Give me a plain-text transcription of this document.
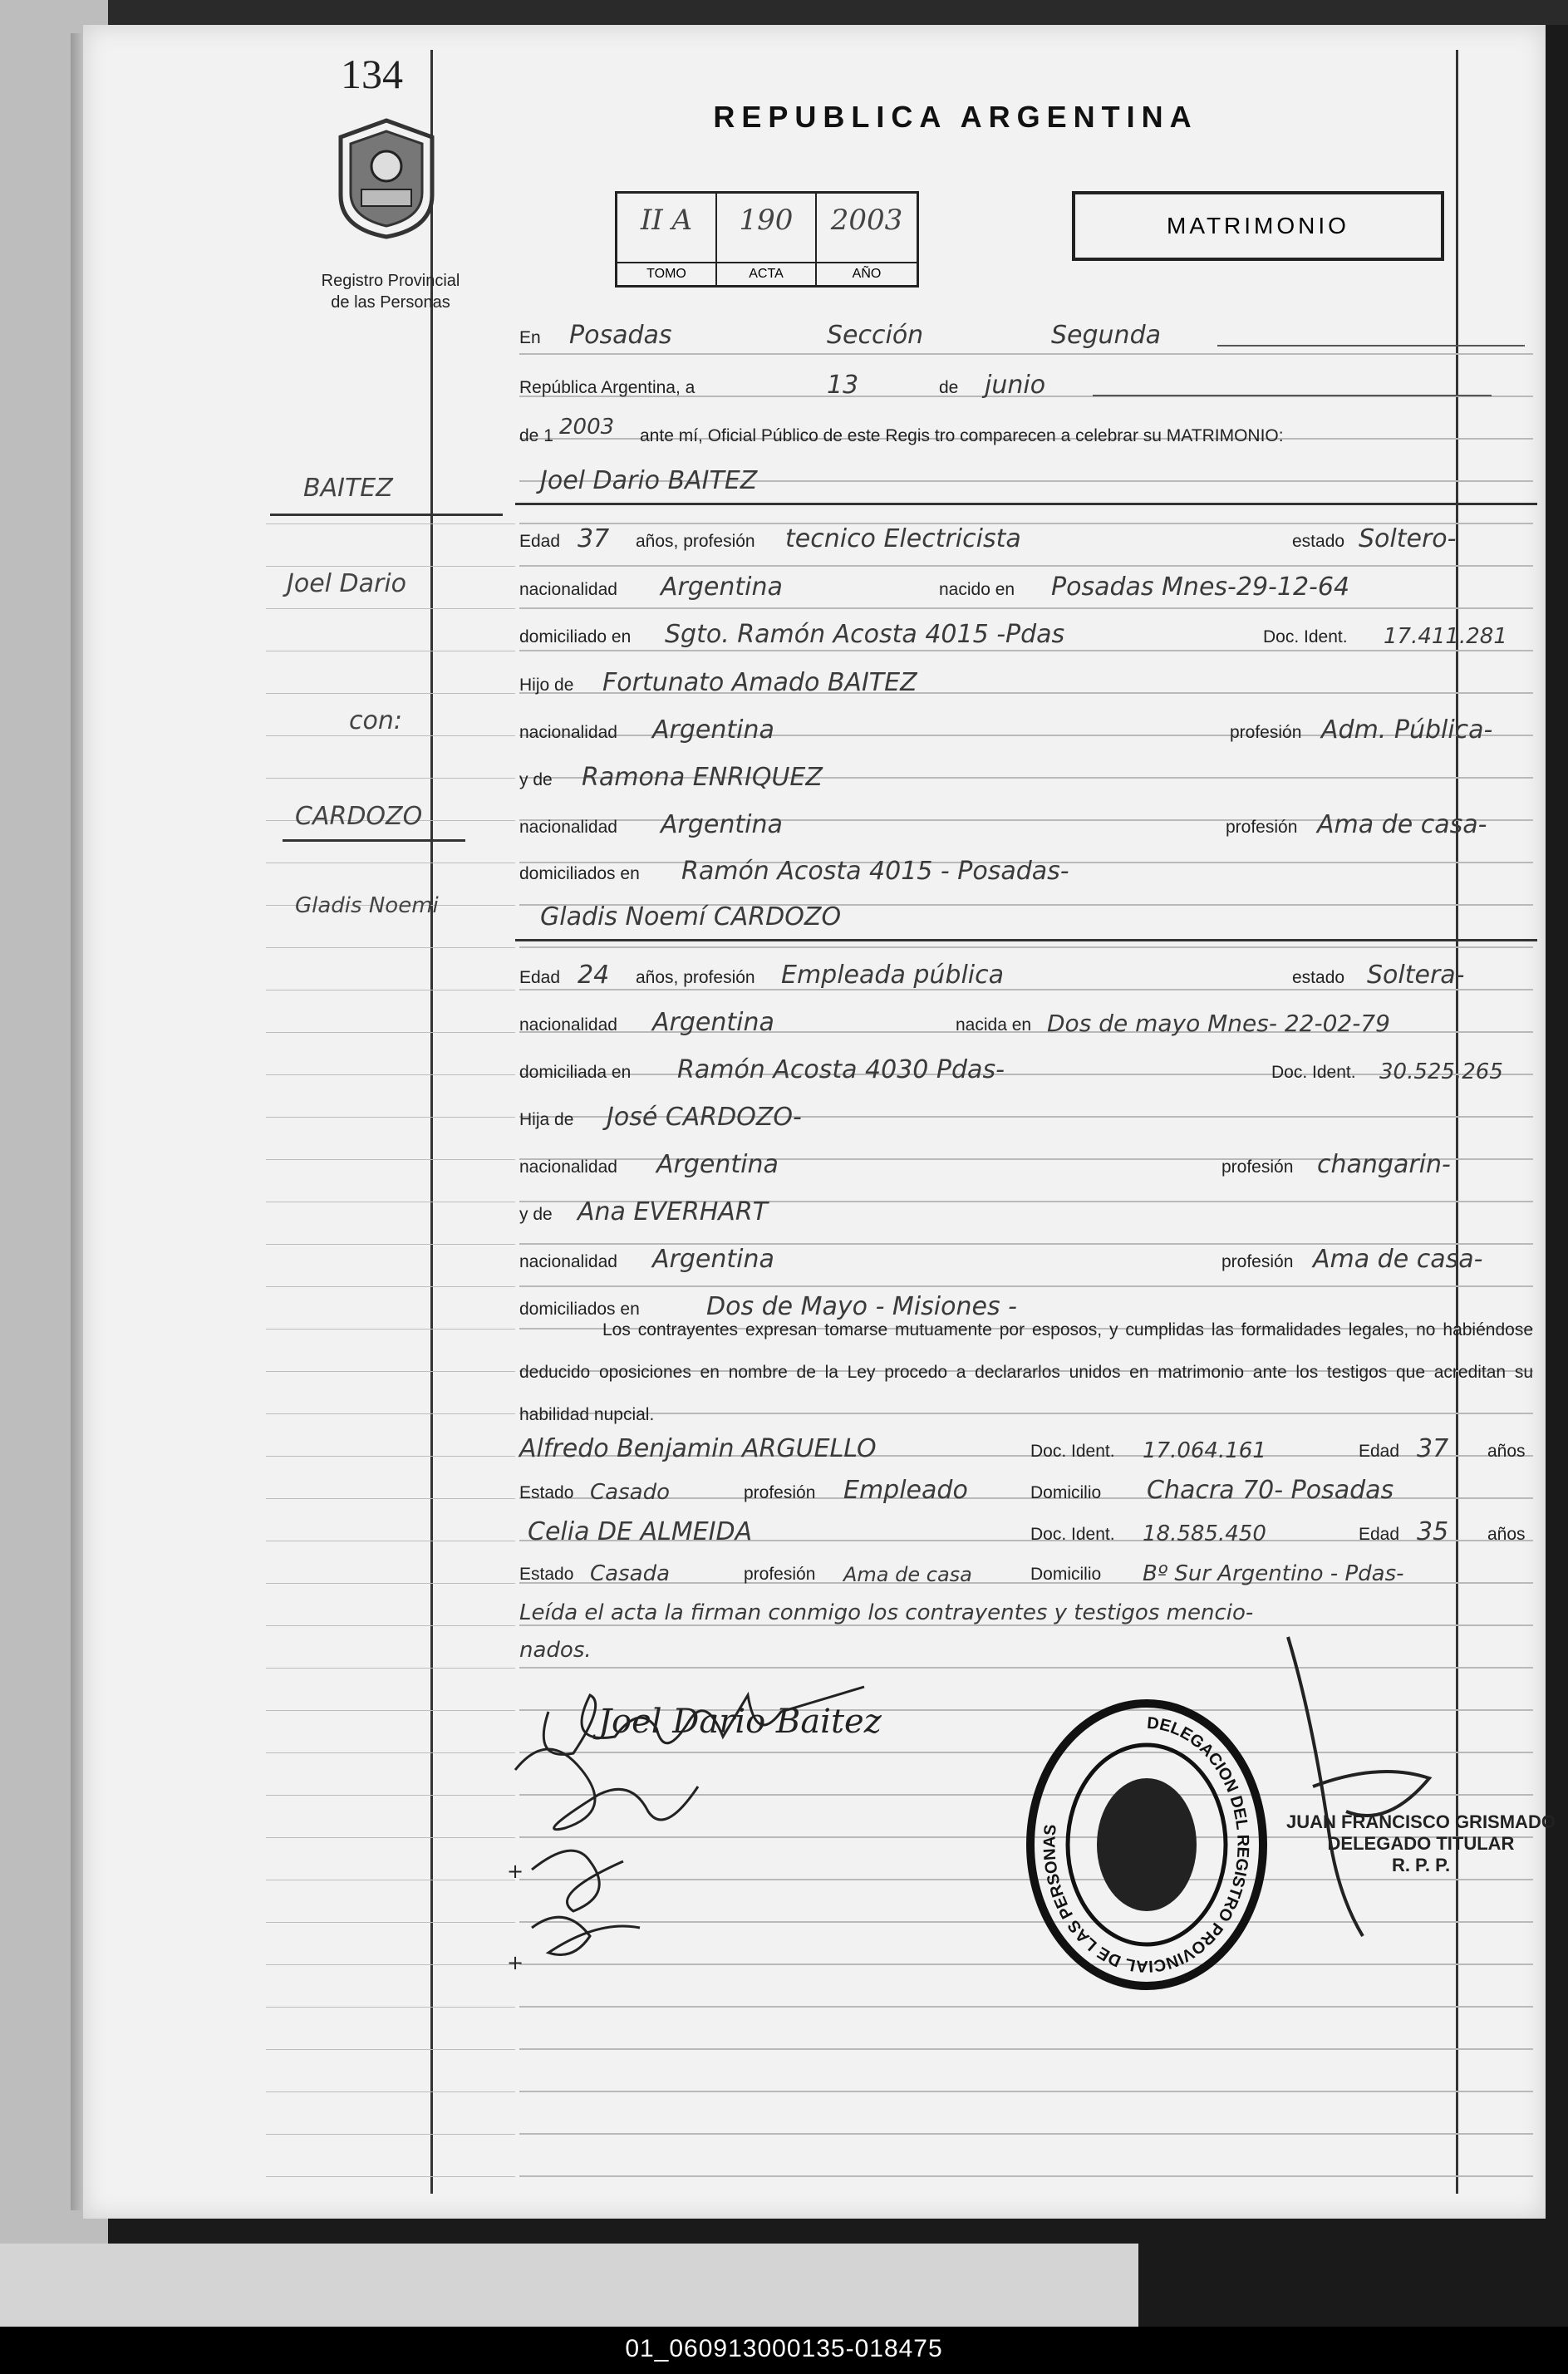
134
Registro Provincial
de las Personas
BAITEZ
Joel Dario
con:
CARDOZO
Gladis Noemi
REPUBLICA ARGENTINA
II A
TOMO
190
ACTA
2003
AÑO
MATRIMONIO
En Posadas	Sección	Segunda
República Argentina, a	13	de junio
de 1 2003 ante mí, Oficial Público de este Regis tro comparecen a celebrar su MATRIMONIO:
Joel Dario BAITEZ
Edad 37 años, profesión tecnico Electricista	estado Soltero-
nacionalidad Argentina	nacido en Posadas Mnes-29-12-64
domiciliado en Sgto. Ramón Acosta 4015 -Pdas	Doc. Ident. 17.411.281
Hijo de Fortunato Amado BAITEZ
nacionalidad Argentina	profesión Adm. Pública-
y de Ramona ENRIQUEZ
nacionalidad Argentina	profesión Ama de casa-
domiciliados en Ramón Acosta 4015 - Posadas-
Gladis Noemí CARDOZO
Edad 24 años, profesión Empleada pública	estado Soltera-
nacionalidad Argentina	nacida en Dos de mayo Mnes- 22-02-79
domiciliada en Ramón Acosta 4030 Pdas-	Doc. Ident. 30.525.265
Hija de José CARDOZO-
nacionalidad Argentina	profesión changarin-
y de Ana EVERHART
nacionalidad Argentina	profesión Ama de casa-
domiciliados en	Dos de Mayo - Misiones -
Los contrayentes expresan tomarse mutuamente por esposos, y cumplidas las formalidades legales, no habiéndose deducido oposiciones en nombre de la Ley procedo a declararlos unidos en matrimonio ante los testigos que acreditan su habilidad nupcial.
Alfredo Benjamin ARGUELLO	Doc. Ident. 17.064.161	Edad 37 años
Estado Casado	profesión Empleado	Domicilio Chacra 70- Posadas
Celia DE ALMEIDA	Doc. Ident. 18.585.450	Edad 35 años
Estado Casada	profesión Ama de casa	Domicilio Bº Sur Argentino - Pdas-
Leída el acta la firman conmigo los contrayentes y testigos mencio-
nados.
+
+
Joel Dario Baitez	DELEGACION DEL REGISTRO PROVINCIAL DE LAS PERSONAS	JUAN FRANCISCO GRISMADO
DELEGADO TITULAR
R. P. P.
01_060913000135-018475
